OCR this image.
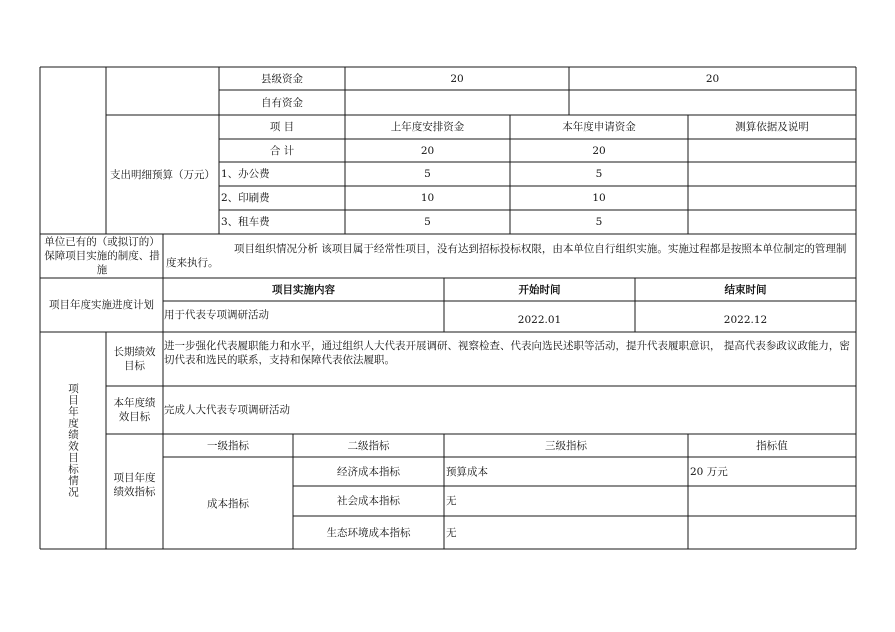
县级资金	20	20
自有资金
支出明细预算（万元）
项 目	上年度安排资金	本年度申请资金	测算依据及说明
合 计	20	20
1、办公费	5	5
2、印刷费	10	10
3、租车费	5	5
单位已有的（或拟订的）保障项目实施的制度、措施
项目组织情况分析 该项目属于经常性项目，没有达到招标投标权限，由本单位自行组织实施。实施过程都是按照本单位制定的管理制度来执行。
项目年度实施进度计划
项目实施内容	开始时间	结束时间
用于代表专项调研活动	2022.01	2022.12
项目年度绩效目标情况
长期绩效目标
进一步强化代表履职能力和水平，通过组织人大代表开展调研、视察检查、代表向选民述职等活动，提升代表履职意识， 提高代表参政议政能力，密切代表和选民的联系，支持和保障代表依法履职。
本年度绩效目标
完成人大代表专项调研活动
项目年度绩效指标
一级指标	二级指标	三级指标	指标值
成本指标
经济成本指标	预算成本	20 万元
社会成本指标	无
生态环境成本指标	无
